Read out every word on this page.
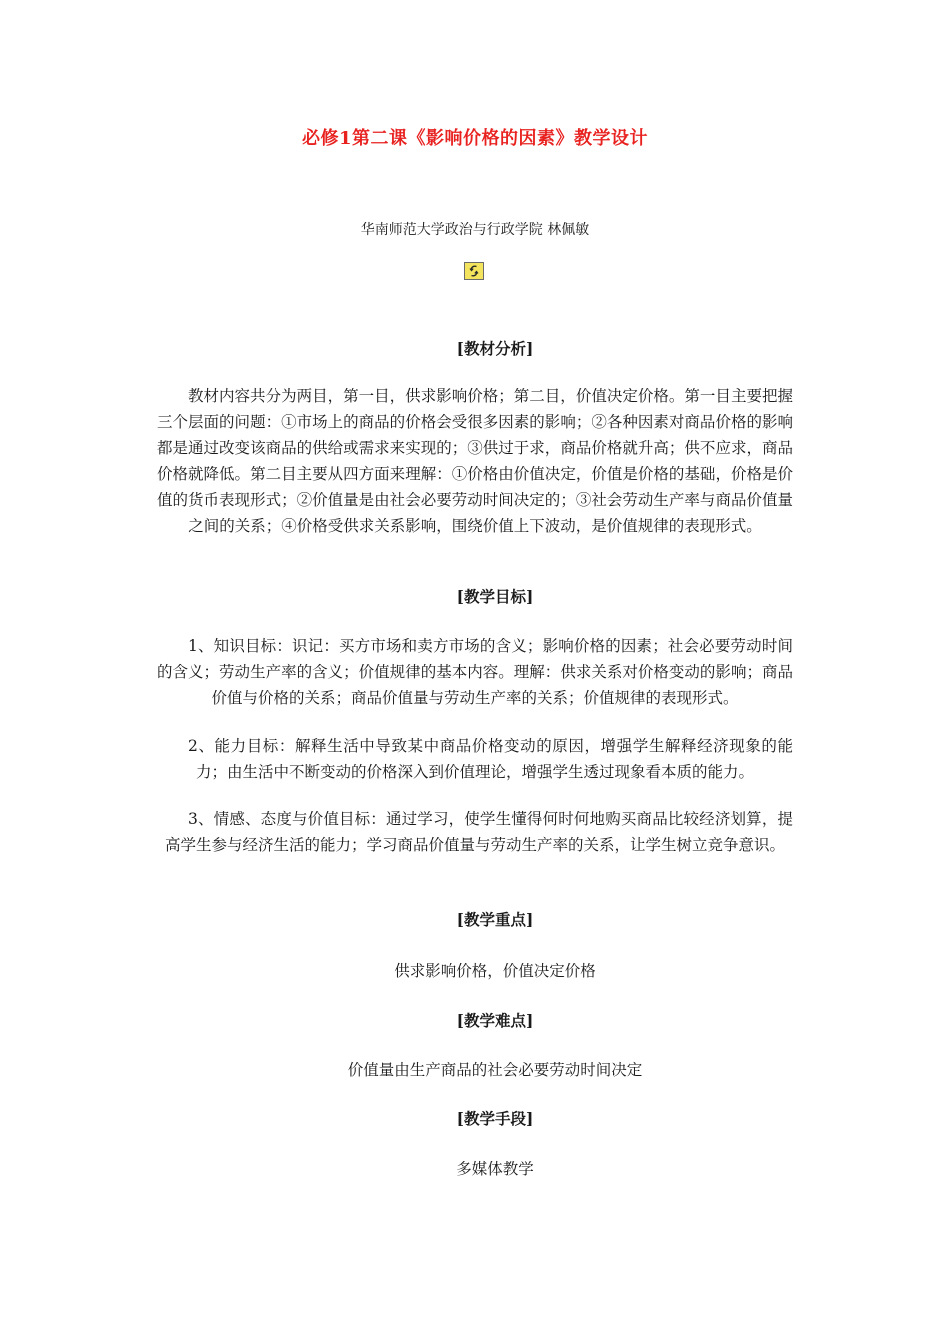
必修1第二课《影响价格的因素》教学设计
华南师范大学政治与行政学院 林佩敏
[教材分析]
教材内容共分为两目，第一目，供求影响价格；第二目，价值决定价格。第一目主要把握三个层面的问题：①市场上的商品的价格会受很多因素的影响；②各种因素对商品价格的影响都是通过改变该商品的供给或需求来实现的；③供过于求，商品价格就升高；供不应求，商品价格就降低。第二目主要从四方面来理解：①价格由价值决定，价值是价格的基础，价格是价值的货币表现形式；②价值量是由社会必要劳动时间决定的；③社会劳动生产率与商品价值量之间的关系；④价格受供求关系影响，围绕价值上下波动，是价值规律的表现形式。
[教学目标]
1、知识目标：识记：买方市场和卖方市场的含义；影响价格的因素；社会必要劳动时间的含义；劳动生产率的含义；价值规律的基本内容。理解：供求关系对价格变动的影响；商品价值与价格的关系；商品价值量与劳动生产率的关系；价值规律的表现形式。
2、能力目标：解释生活中导致某中商品价格变动的原因，增强学生解释经济现象的能力；由生活中不断变动的价格深入到价值理论，增强学生透过现象看本质的能力。
3、情感、态度与价值目标：通过学习，使学生懂得何时何地购买商品比较经济划算，提高学生参与经济生活的能力；学习商品价值量与劳动生产率的关系，让学生树立竞争意识。
[教学重点]
供求影响价格，价值决定价格
[教学难点]
价值量由生产商品的社会必要劳动时间决定
[教学手段]
多媒体教学
